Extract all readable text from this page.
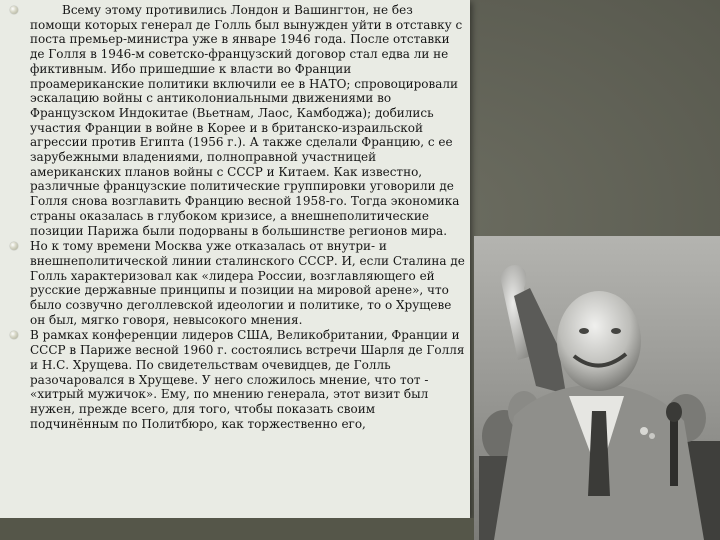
Всему этому противились Лондон и Вашингтон, не без помощи которых генерал де Голль был вынужден уйти в отставку с поста премьер-министра уже в январе 1946 года. После отставки де Голля в 1946-м советско-французский договор стал едва ли не фиктивным. Ибо пришедшие к власти во Франции проамериканские политики включили ее в НАТО; спровоцировали эскалацию войны с антиколониальными движениями во Французском Индокитае (Вьетнам, Лаос, Камбоджа); добились участия Франции в войне в Корее и в британско-израильской агрессии против Египта (1956 г.). А также сделали Францию, с ее зарубежными владениями, полноправной участницей американских планов войны с СССР и Китаем. Как известно, различные французские политические группировки уговорили де Голля снова возглавить Францию весной 1958-го. Тогда экономика страны оказалась в глубоком кризисе, а внешнеполитические позиции Парижа были подорваны в большинстве регионов мира.
Но к тому времени Москва уже отказалась от внутри- и внешнеполитической линии сталинского СССР. И, если Сталина де Голль характеризовал как «лидера России, возглавляющего ей русские державные принципы и позиции на мировой арене», что было созвучно деголлевской идеологии и политике, то о Хрущеве он был, мягко говоря, невысокого мнения.
В рамках конференции лидеров США, Великобритании, Франции и СССР в Париже весной 1960 г. состоялись встречи Шарля де Голля и Н.С. Хрущева. По свидетельствам очевидцев, де Голль разочаровался в Хрущеве. У него сложилось мнение, что тот - «хитрый мужичок». Ему, по мнению генерала, этот визит был нужен, прежде всего, для того, чтобы показать своим подчинённым по Политбюро, как торжественно его,
